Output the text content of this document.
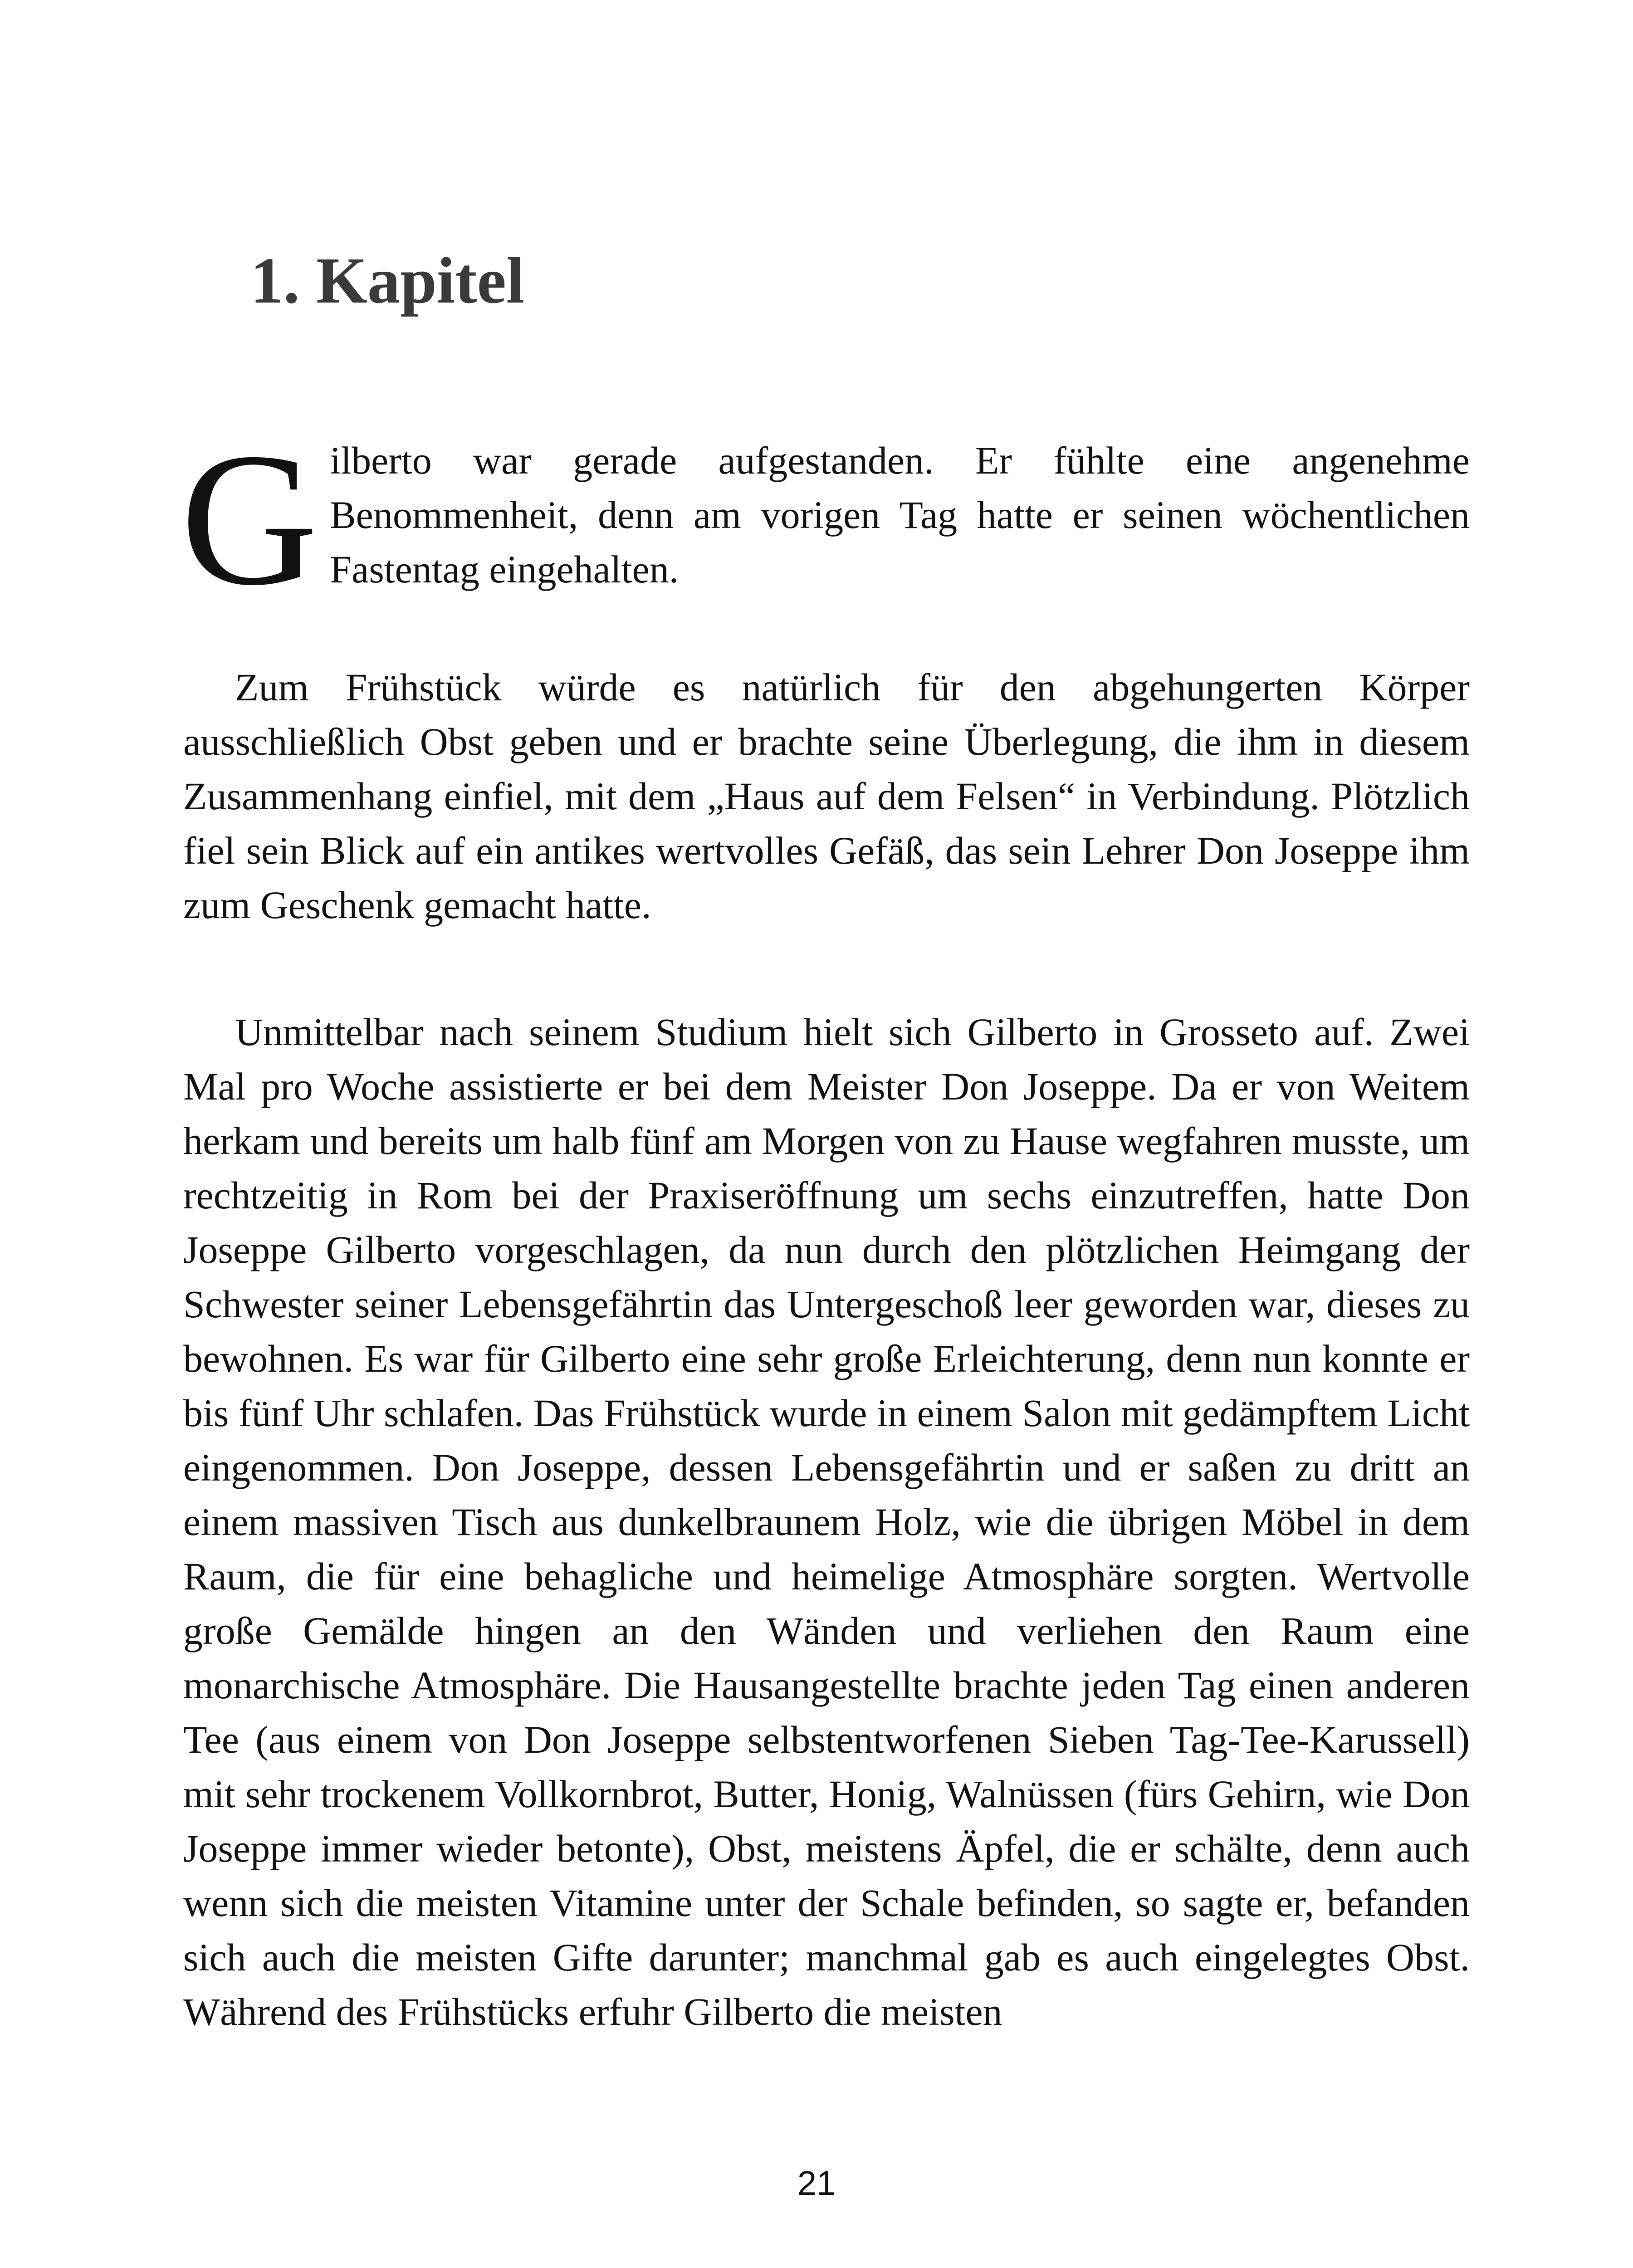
1. Kapitel

Gilberto war gerade aufgestanden. Er fühlte eine angenehme Benommenheit, denn am vorigen Tag hatte er seinen wöchentlichen Fastentag eingehalten.

Zum Frühstück würde es natürlich für den abgehungerten Körper ausschließlich Obst geben und er brachte seine Überlegung, die ihm in diesem Zusammenhang einfiel, mit dem „Haus auf dem Felsen“ in Verbindung. Plötzlich fiel sein Blick auf ein antikes wertvolles Gefäß, das sein Lehrer Don Joseppe ihm zum Geschenk gemacht hatte.

Unmittelbar nach seinem Studium hielt sich Gilberto in Grosseto auf. Zwei Mal pro Woche assistierte er bei dem Meister Don Joseppe. Da er von Weitem herkam und bereits um halb fünf am Morgen von zu Hause wegfahren musste, um rechtzeitig in Rom bei der Praxiseröffnung um sechs einzutreffen, hatte Don Joseppe Gilberto vorgeschlagen, da nun durch den plötzlichen Heimgang der Schwester seiner Lebensgefährtin das Untergeschoß leer geworden war, dieses zu bewohnen. Es war für Gilberto eine sehr große Erleichterung, denn nun konnte er bis fünf Uhr schlafen. Das Frühstück wurde in einem Salon mit gedämpftem Licht eingenommen. Don Joseppe, dessen Lebensgefährtin und er saßen zu dritt an einem massiven Tisch aus dunkelbraunem Holz, wie die übrigen Möbel in dem Raum, die für eine behagliche und heimelige Atmosphäre sorgten. Wertvolle große Gemälde hingen an den Wänden und verliehen den Raum eine monarchische Atmosphäre. Die Hausangestellte brachte jeden Tag einen anderen Tee (aus einem von Don Joseppe selbstentworfenen Sieben Tag-Tee-Karussell) mit sehr trockenem Vollkornbrot, Butter, Honig, Walnüssen (fürs Gehirn, wie Don Joseppe immer wieder betonte), Obst, meistens Äpfel, die er schälte, denn auch wenn sich die meisten Vitamine unter der Schale befinden, so sagte er, befanden sich auch die meisten Gifte darunter; manchmal gab es auch eingelegtes Obst. Während des Frühstücks erfuhr Gilberto die meisten

21
